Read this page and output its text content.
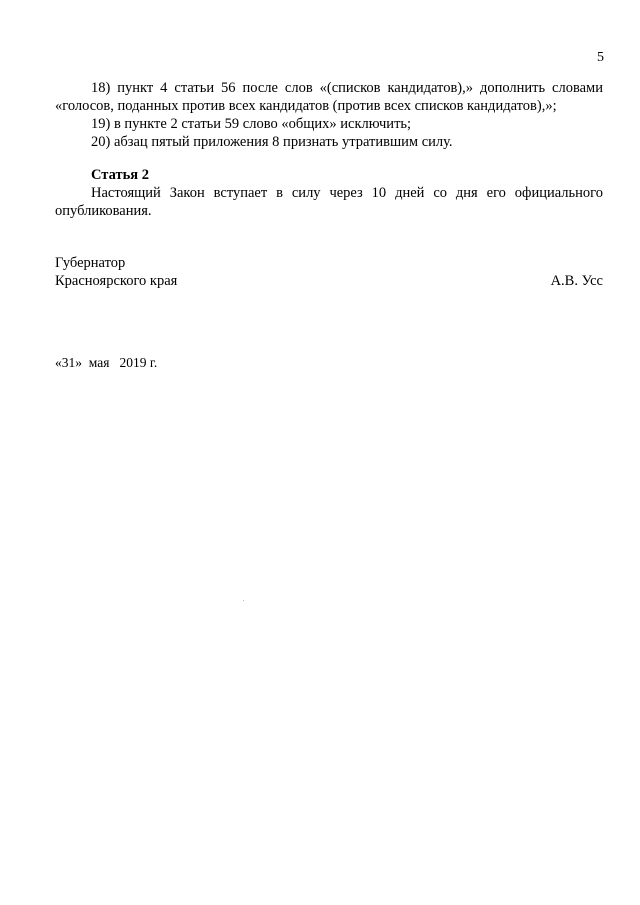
5

18) пункт 4 статьи 56 после слов «(списков кандидатов),» дополнить словами «голосов, поданных против всех кандидатов (против всех списков кандидатов),»;

19) в пункте 2 статьи 59 слово «общих» исключить;

20) абзац пятый приложения 8 признать утратившим силу.

Статья 2

Настоящий Закон вступает в силу через 10 дней со дня его официального опубликования.

Губернатор
Красноярского края	А.В. Усс
«31»  мая   2019 г.
